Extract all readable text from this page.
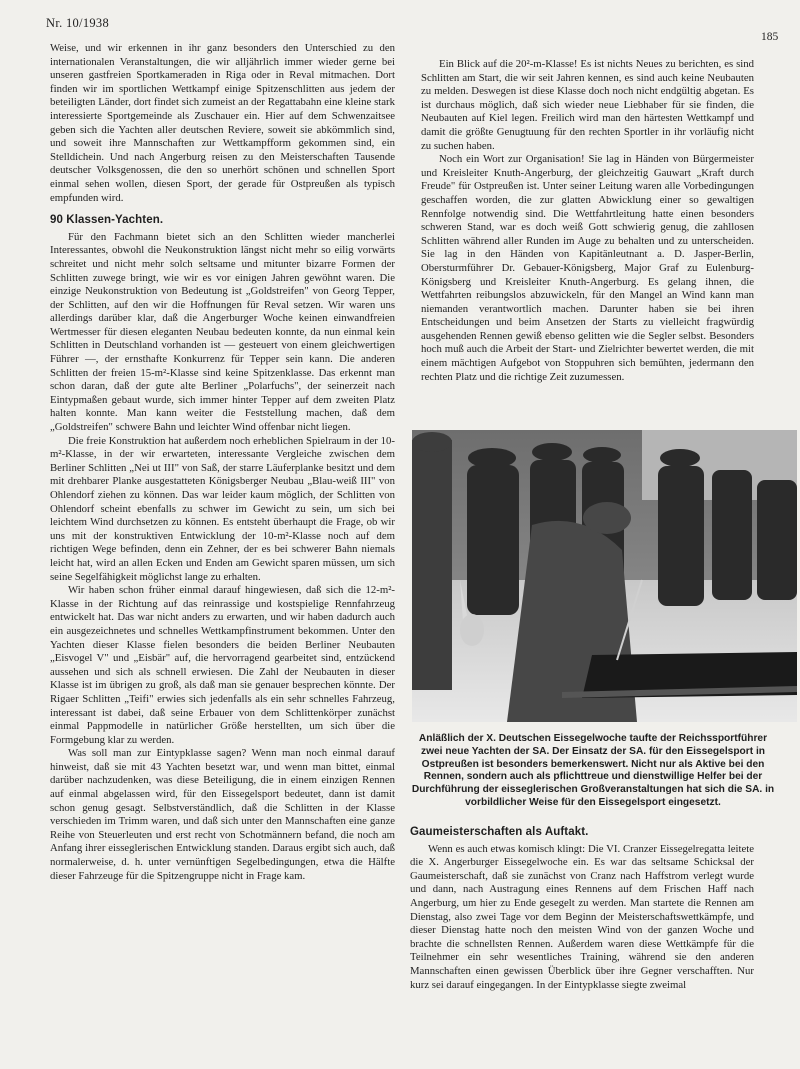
Nr. 10/1938
185

Weise, und wir erkennen in ihr ganz besonders den Unterschied zu den internationalen Veranstaltungen, die wir alljährlich immer wieder gerne bei unseren gastfreien Sportkameraden in Riga oder in Reval mitmachen. Dort finden wir im sportlichen Wettkampf einige Spitzenschlitten aus jedem der beteiligten Länder, dort findet sich zumeist an der Regattabahn eine kleine stark interessierte Sportgemeinde als Zuschauer ein. Hier auf dem Schwenzaitsee geben sich die Yachten aller deutschen Reviere, soweit sie abkömmlich sind, und soweit ihre Mannschaften zur Wettkampfform gekommen sind, ein Stelldichein. Und nach Angerburg reisen zu den Meisterschaften Tausende deutscher Volksgenossen, die den so unerhört schönen und schnellen Sport einmal sehen wollen, diesen Sport, der gerade für Ostpreußen als typisch empfunden wird.

90 Klassen-Yachten.

Für den Fachmann bietet sich an den Schlitten wieder mancherlei Interessantes, obwohl die Neukonstruktion längst nicht mehr so eilig vorwärts schreitet und nicht mehr solch seltsame und mitunter bizarre Formen der Schlitten zuwege bringt, wie wir es vor einigen Jahren gewöhnt waren. Die einzige Neukonstruktion von Bedeutung ist „Goldstreifen" von Georg Tepper, der Schlitten, auf den wir die Hoffnungen für Reval setzen. Wir waren uns allerdings darüber klar, daß die Angerburger Woche keinen einwandfreien Wertmesser für diesen eleganten Neubau bedeuten konnte, da nun einmal kein Schlitten in Deutschland vorhanden ist — gesteuert von einem gleichwertigen Führer —, der ernsthafte Konkurrenz für Tepper sein kann. Die anderen Schlitten der freien 15-m²-Klasse sind keine Spitzenklasse. Das erkennt man schon daran, daß der gute alte Berliner „Polarfuchs", der seinerzeit nach Eintypmaßen gebaut wurde, sich immer hinter Tepper auf dem zweiten Platz halten konnte. Man kann weiter die Feststellung machen, daß dem „Goldstreifen" schwere Bahn und leichter Wind offenbar nicht liegen.

Die freie Konstruktion hat außerdem noch erheblichen Spielraum in der 10-m²-Klasse, in der wir erwarteten, interessante Vergleiche zwischen dem Berliner Schlitten „Nei ut III" von Saß, der starre Läuferplanke besitzt und dem mit drehbarer Planke ausgestatteten Königsberger Neubau „Blau-weiß III" von Ohlendorf ziehen zu können. Das war leider kaum möglich, der Schlitten von Ohlendorf scheint ebenfalls zu schwer im Gewicht zu sein, um sich bei leichtem Wind durchsetzen zu können. Es entsteht überhaupt die Frage, ob wir uns mit der konstruktiven Entwicklung der 10-m²-Klasse noch auf dem richtigen Wege befinden, denn ein Zehner, der es bei schwerer Bahn niemals leicht hat, wird an allen Ecken und Enden am Gewicht sparen müssen, um sich seine Segelfähigkeit möglichst lange zu erhalten.

Wir haben schon früher einmal darauf hingewiesen, daß sich die 12-m²-Klasse in der Richtung auf das reinrassige und kostspielige Rennfahrzeug entwickelt hat. Das war nicht anders zu erwarten, und wir haben dadurch auch ein ausgezeichnetes und schnelles Wettkampfinstrument bekommen. Unter den Yachten dieser Klasse fielen besonders die beiden Berliner Neubauten „Eisvogel V" und „Eisbär" auf, die hervorragend gearbeitet sind, entzückend aussehen und sich als schnell erwiesen. Die Zahl der Neubauten in dieser Klasse ist im übrigen zu groß, als daß man sie genauer besprechen könnte. Der Rigaer Schlitten „Teifi" erwies sich jedenfalls als ein sehr schnelles Fahrzeug, interessant ist dabei, daß seine Erbauer von dem Schlittenkörper zunächst einmal Pappmodelle in natürlicher Größe herstellten, um sich über die Formgebung klar zu werden.

Was soll man zur Eintypklasse sagen? Wenn man noch einmal darauf hinweist, daß sie mit 43 Yachten besetzt war, und wenn man bittet, einmal darüber nachzudenken, was diese Beteiligung, die in einem einzigen Rennen auf einmal abgelassen wird, für den Eissegelsport bedeutet, dann ist damit schon genug gesagt. Selbstverständlich, daß die Schlitten in der Klasse verschieden im Trimm waren, und daß sich unter den Mannschaften eine ganze Reihe von Steuerleuten und erst recht von Schotmännern befand, die noch am Anfang ihrer eisseglerischen Entwicklung standen. Daraus ergibt sich auch, daß normalerweise, d. h. unter vernünftigen Segelbedingungen, etwa die Hälfte dieser Fahrzeuge für die Spitzengruppe nicht in Frage kam.

Ein Blick auf die 20²-m-Klasse! Es ist nichts Neues zu berichten, es sind Schlitten am Start, die wir seit Jahren kennen, es sind auch keine Neubauten zu melden. Deswegen ist diese Klasse doch noch nicht endgültig abgetan. Es ist durchaus möglich, daß sich wieder neue Liebhaber für sie finden, die Neubauten auf Kiel legen. Freilich wird man den härtesten Wettkampf und damit die größte Genugtuung für den rechten Sportler in ihr vorläufig nicht zu suchen haben.

Noch ein Wort zur Organisation! Sie lag in Händen von Bürgermeister und Kreisleiter Knuth-Angerburg, der gleichzeitig Gauwart „Kraft durch Freude" für Ostpreußen ist. Unter seiner Leitung waren alle Vorbedingungen geschaffen worden, die zur glatten Abwicklung einer so gewaltigen Rennfolge notwendig sind. Die Wettfahrtleitung hatte einen besonders schweren Stand, war es doch weiß Gott schwierig genug, die zahllosen Schlitten während aller Runden im Auge zu behalten und zu unterscheiden. Sie lag in den Händen von Kapitänleutnant a. D. Jasper-Berlin, Obersturmführer Dr. Gebauer-Königsberg, Major Graf zu Eulenburg-Königsberg und Kreisleiter Knuth-Angerburg. Es gelang ihnen, die Wettfahrten reibungslos abzuwickeln, für den Mangel an Wind kann man niemanden verantwortlich machen. Darunter haben sie bei ihren Entscheidungen und beim Ansetzen der Starts zu vielleicht fragwürdig ausgehenden Rennen gewiß ebenso gelitten wie die Segler selbst. Besonders hoch muß auch die Arbeit der Start- und Zielrichter bewertet werden, die mit einem mächtigen Aufgebot von Stoppuhren sich bemühten, jedermann den rechten Platz und die richtige Zeit zuzumessen.

Anläßlich der X. Deutschen Eissegelwoche taufte der Reichssportführer zwei neue Yachten der SA. Der Einsatz der SA. für den Eissegelsport in Ostpreußen ist besonders bemerkenswert. Nicht nur als Aktive bei den Rennen, sondern auch als pflichttreue und dienstwillige Helfer bei der Durchführung der eisseglerischen Großveranstaltungen hat sich die SA. in vorbildlicher Weise für den Eissegelsport eingesetzt.
Gaumeisterschaften als Auftakt.

Wenn es auch etwas komisch klingt: Die VI. Cranzer Eissegelregatta leitete die X. Angerburger Eissegelwoche ein. Es war das seltsame Schicksal der Gaumeisterschaft, daß sie zunächst von Cranz nach Haffstrom verlegt wurde und dann, nach Austragung eines Rennens auf dem Frischen Haff nach Angerburg, um hier zu Ende gesegelt zu werden. Man startete die Rennen am Dienstag, also zwei Tage vor dem Beginn der Meisterschaftswettkämpfe, und dieser Dienstag hatte noch den meisten Wind von der ganzen Woche und brachte die schnellsten Rennen. Außerdem waren diese Wettkämpfe für die Teilnehmer ein sehr wesentliches Training, während sie den anderen Mannschaften einen gewissen Überblick über ihre Gegner verschafften. Nur kurz sei darauf eingegangen. In der Eintypklasse siegte zweimal
